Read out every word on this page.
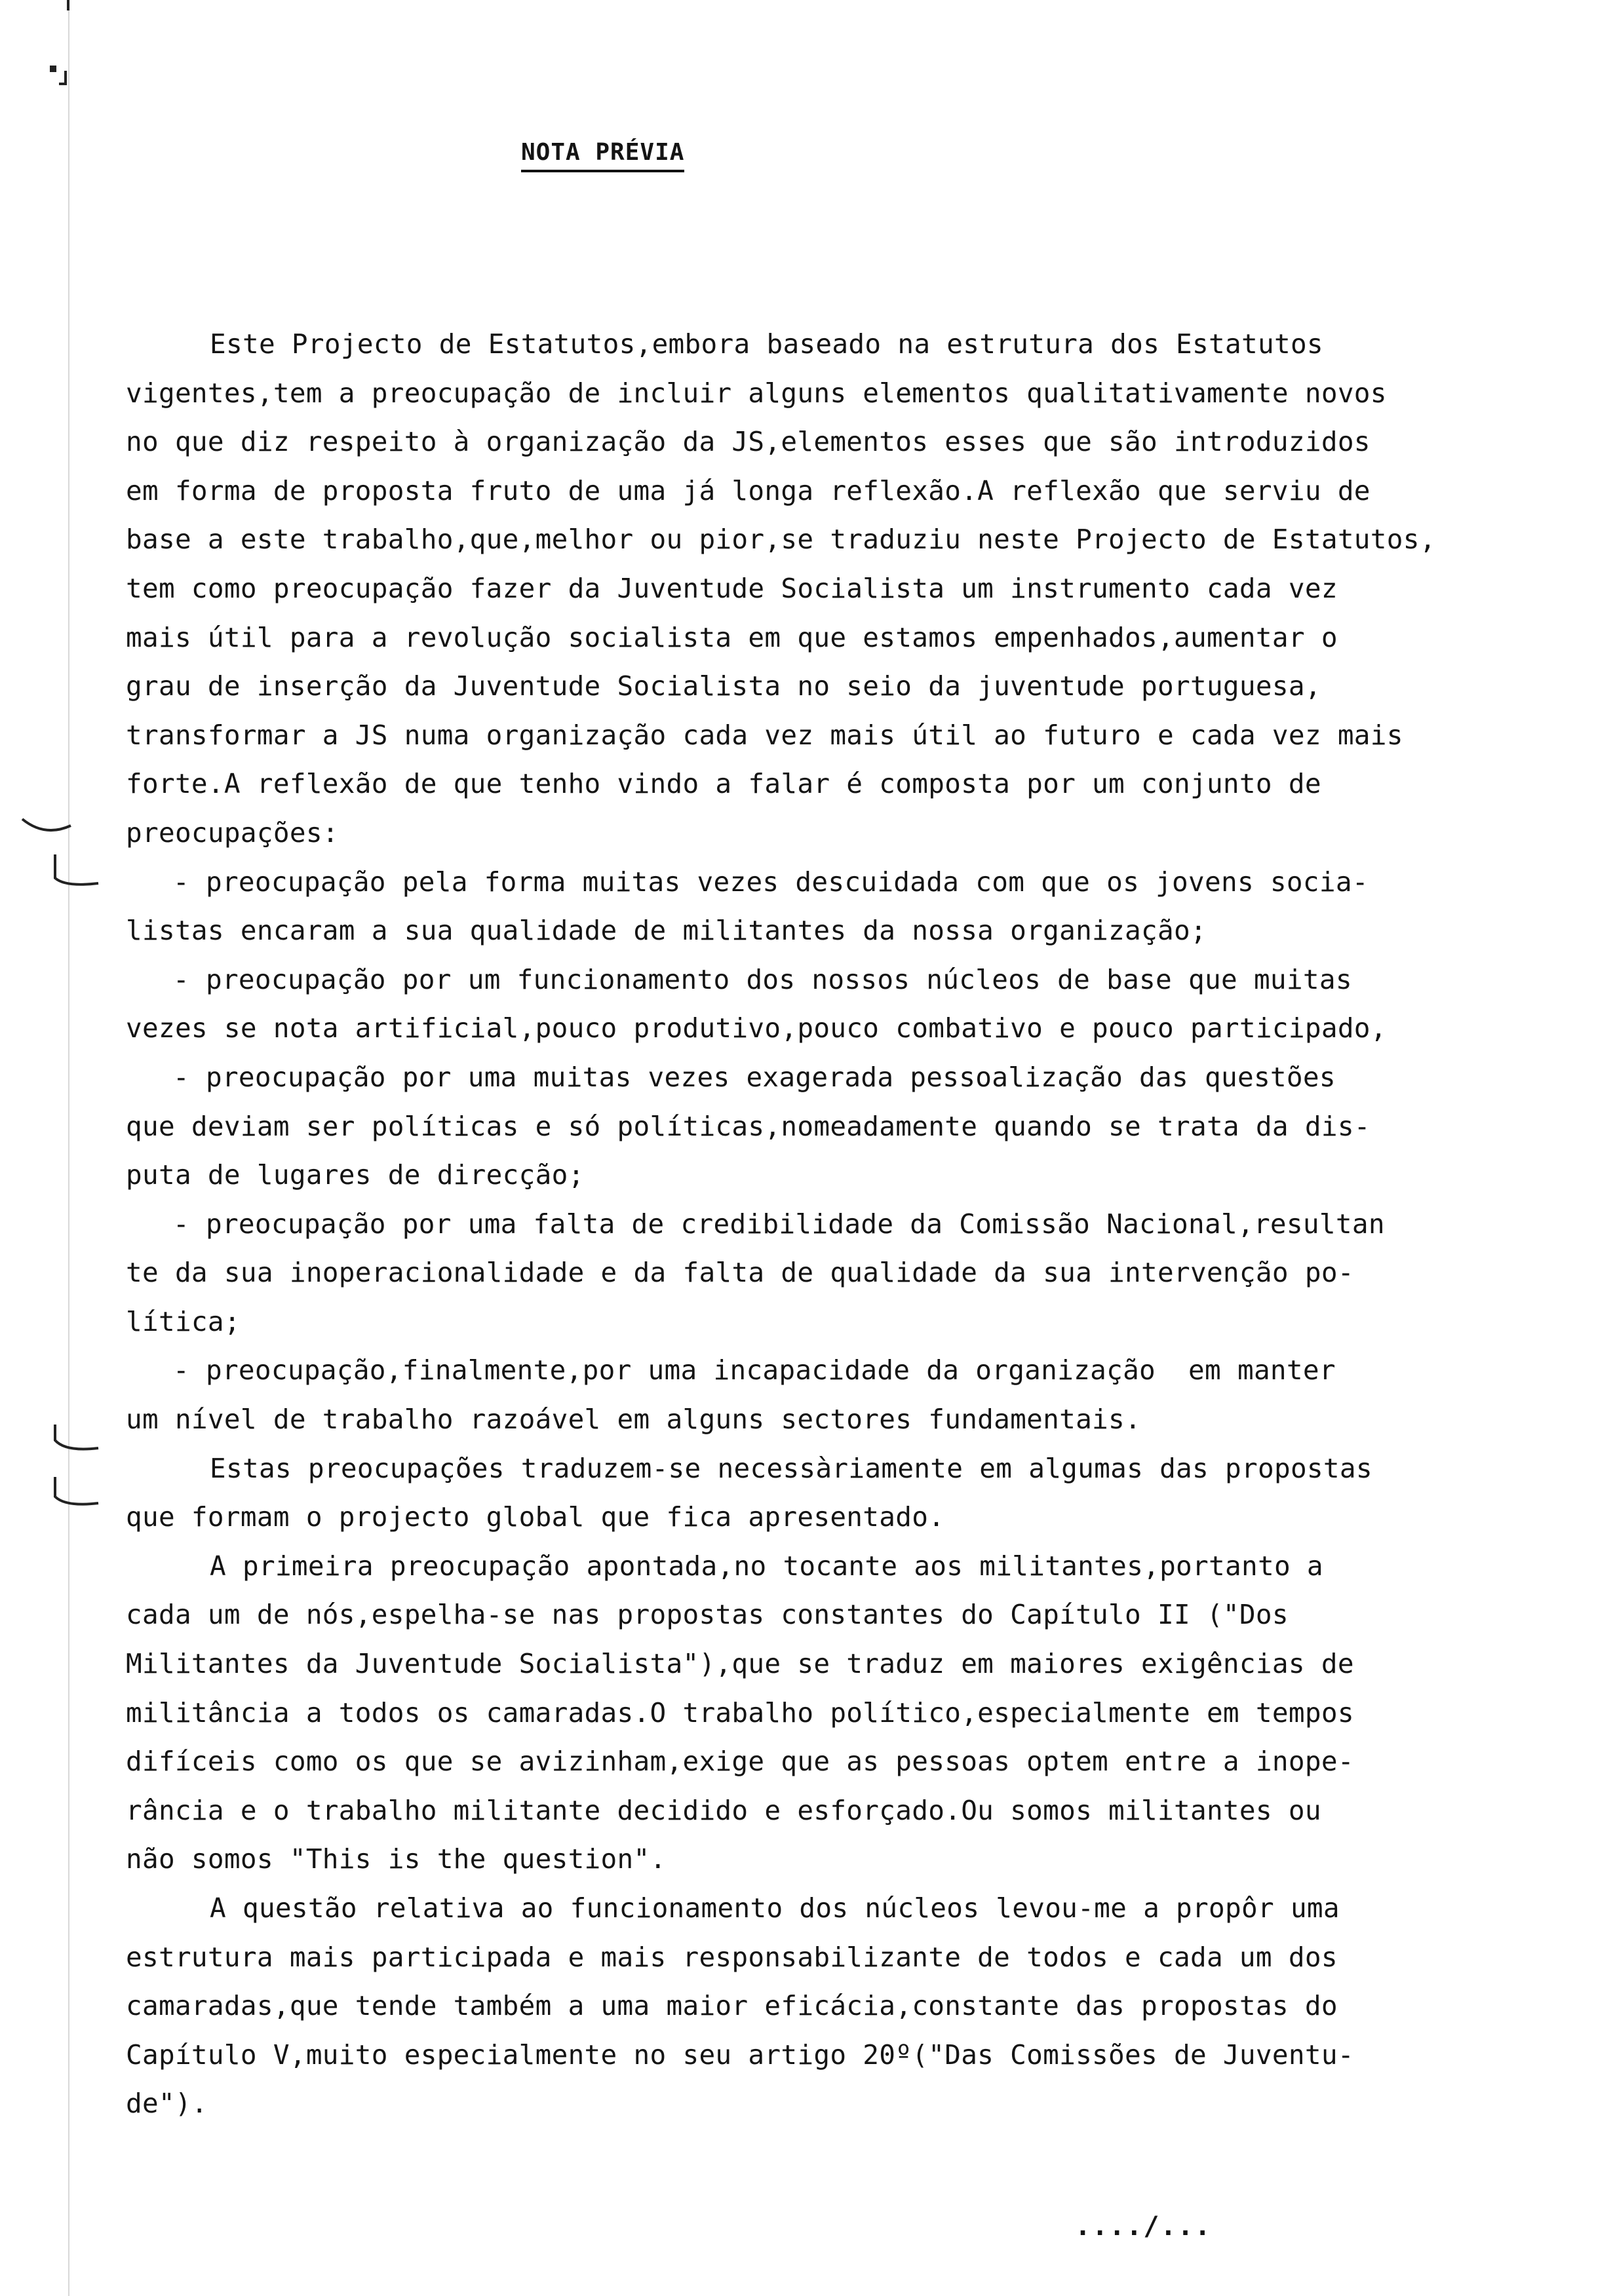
NOTA PRÉVIA
Este Projecto de Estatutos,embora baseado na estrutura dos Estatutos
vigentes,tem a preocupação de incluir alguns elementos qualitativamente novos
no que diz respeito à organização da JS,elementos esses que são introduzidos
em forma de proposta fruto de uma já longa reflexão.A reflexão que serviu de
base a este trabalho,que,melhor ou pior,se traduziu neste Projecto de Estatutos,
tem como preocupação fazer da Juventude Socialista um instrumento cada vez
mais útil para a revolução socialista em que estamos empenhados,aumentar o
grau de inserção da Juventude Socialista no seio da juventude portuguesa,
transformar a JS numa organização cada vez mais útil ao futuro e cada vez mais
forte.A reflexão de que tenho vindo a falar é composta por um conjunto de
preocupações:
- preocupação pela forma muitas vezes descuidada com que os jovens socia-
listas encaram a sua qualidade de militantes da nossa organização;
- preocupação por um funcionamento dos nossos núcleos de base que muitas
vezes se nota artificial,pouco produtivo,pouco combativo e pouco participado,
- preocupação por uma muitas vezes exagerada pessoalização das questões
que deviam ser políticas e só políticas,nomeadamente quando se trata da dis-
puta de lugares de direcção;
- preocupação por uma falta de credibilidade da Comissão Nacional,resultan
te da sua inoperacionalidade e da falta de qualidade da sua intervenção po-
lítica;
- preocupação,finalmente,por uma incapacidade da organização  em manter
um nível de trabalho razoável em alguns sectores fundamentais.
Estas preocupações traduzem-se necessàriamente em algumas das propostas
que formam o projecto global que fica apresentado.
A primeira preocupação apontada,no tocante aos militantes,portanto a
cada um de nós,espelha-se nas propostas constantes do Capítulo II ("Dos
Militantes da Juventude Socialista"),que se traduz em maiores exigências de
militância a todos os camaradas.O trabalho político,especialmente em tempos
difíceis como os que se avizinham,exige que as pessoas optem entre a inope-
rância e o trabalho militante decidido e esforçado.Ou somos militantes ou
não somos "This is the question".
A questão relativa ao funcionamento dos núcleos levou-me a propôr uma
estrutura mais participada e mais responsabilizante de todos e cada um dos
camaradas,que tende também a uma maior eficácia,constante das propostas do
Capítulo V,muito especialmente no seu artigo 20º("Das Comissões de Juventu-
de").
..../...
